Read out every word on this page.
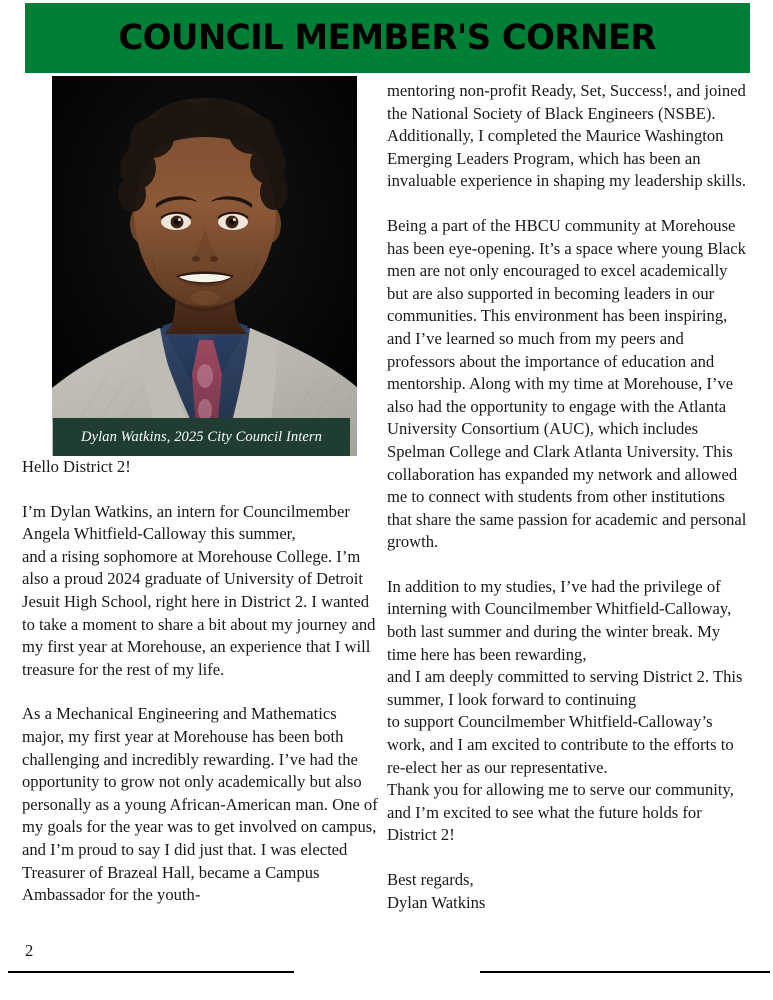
COUNCIL MEMBER'S CORNER
Dylan Watkins, 2025 City Council Intern

Hello District 2!

I’m Dylan Watkins, an intern for Councilmember Angela Whitfield-Calloway this summer,
and a rising sophomore at Morehouse College. I’m also a proud 2024 graduate of University of Detroit Jesuit High School, right here in District 2. I wanted to take a moment to share a bit about my journey and my first year at Morehouse, an experience that I will treasure for the rest of my life.

As a Mechanical Engineering and Mathematics major, my first year at Morehouse has been both challenging and incredibly rewarding. I’ve had the opportunity to grow not only academically but also personally as a young African-American man. One of my goals for the year was to get involved on campus, and I’m proud to say I did just that. I was elected Treasurer of Brazeal Hall, became a Campus Ambassador for the youth-

mentoring non-profit Ready, Set, Success!, and joined the National Society of Black Engineers (NSBE). Additionally, I completed the Maurice Washington Emerging Leaders Program, which has been an invaluable experience in shaping my leadership skills.

Being a part of the HBCU community at Morehouse has been eye-opening. It’s a space where young Black men are not only encouraged to excel academically but are also supported in becoming leaders in our communities. This environment has been inspiring, and I’ve learned so much from my peers and professors about the importance of education and mentorship. Along with my time at Morehouse, I’ve also had the opportunity to engage with the Atlanta University Consortium (AUC), which includes Spelman College and Clark Atlanta University. This collaboration has expanded my network and allowed me to connect with students from other institutions that share the same passion for academic and personal growth.

In addition to my studies, I’ve had the privilege of interning with Councilmember Whitfield-Calloway, both last summer and during the winter break. My time here has been rewarding,
and I am deeply committed to serving District 2. This summer, I look forward to continuing
to support Councilmember Whitfield-Calloway’s work, and I am excited to contribute to the efforts to re-elect her as our representative.
Thank you for allowing me to serve our community, and I’m excited to see what the future holds for District 2!

Best regards,
Dylan Watkins

2
